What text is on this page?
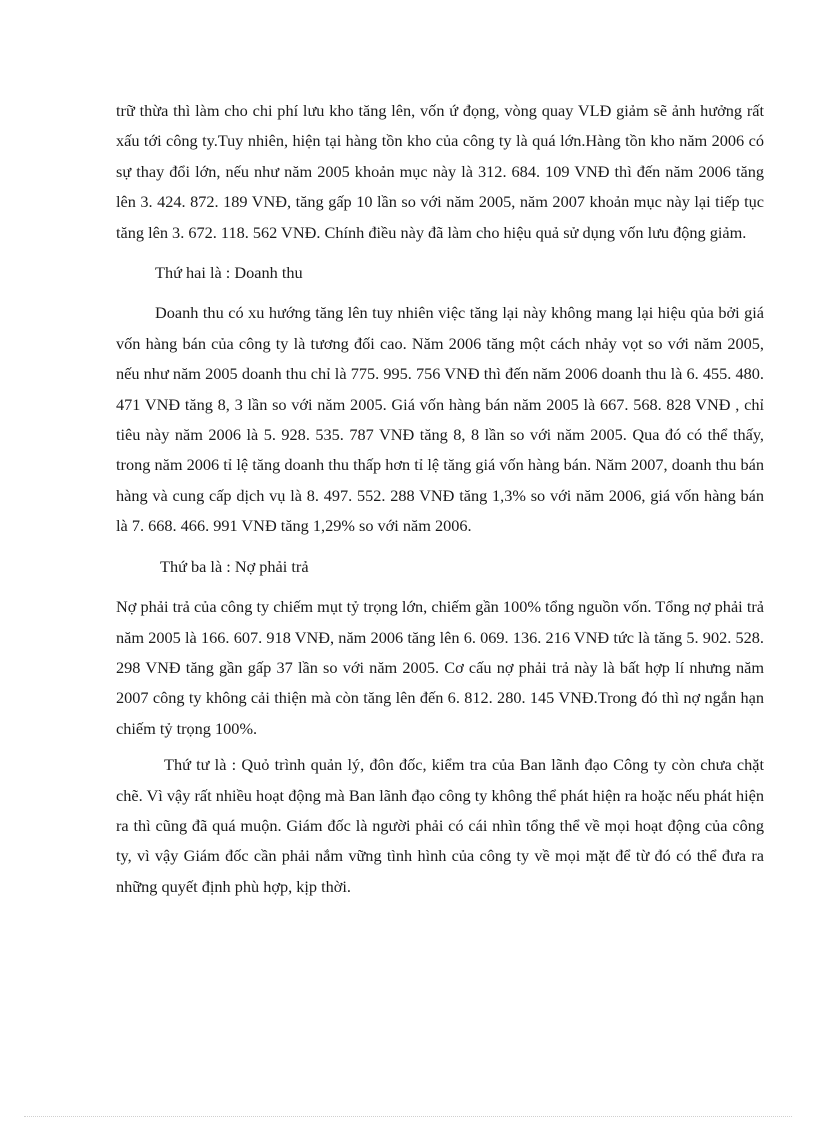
trữ thừa thì làm cho chi phí lưu kho tăng lên, vốn ứ đọng, vòng quay VLĐ giảm sẽ ảnh hưởng rất xấu tới công ty.Tuy nhiên, hiện tại hàng tồn kho của công ty là quá lớn.Hàng tồn kho năm 2006 có sự thay đổi lớn, nếu như năm 2005 khoản mục này là 312. 684. 109 VNĐ thì đến năm 2006 tăng lên 3. 424. 872. 189 VNĐ, tăng gấp 10 lần so với năm 2005, năm 2007 khoản mục này lại tiếp tục tăng lên 3. 672. 118. 562 VNĐ. Chính điều này đã làm cho hiệu quả sử dụng vốn lưu động giảm.

Thứ hai là : Doanh thu

Doanh thu có xu hướng tăng lên tuy nhiên việc tăng lại này không mang lại hiệu qủa bởi giá vốn hàng bán của công ty là tương đối cao. Năm 2006 tăng một cách nhảy vọt so với năm 2005, nếu như năm 2005 doanh thu chỉ là 775. 995. 756 VNĐ thì đến năm 2006 doanh thu là 6. 455. 480. 471 VNĐ tăng 8, 3 lần so với năm 2005. Giá vốn hàng bán năm 2005 là 667. 568. 828 VNĐ , chỉ tiêu này năm 2006 là 5. 928. 535. 787 VNĐ tăng 8, 8 lần so với năm 2005. Qua đó có thể thấy, trong năm 2006 tỉ lệ tăng doanh thu thấp hơn tỉ lệ tăng giá vốn hàng bán. Năm 2007, doanh thu bán hàng và cung cấp dịch vụ là 8. 497. 552. 288 VNĐ tăng 1,3% so với năm 2006, giá vốn hàng bán là 7. 668. 466. 991 VNĐ tăng 1,29% so với năm 2006.

Thứ ba là : Nợ phải trả

Nợ phải trả của công ty chiếm mụt tỷ trọng lớn, chiếm gần 100% tổng nguồn vốn. Tổng nợ phải trả năm 2005 là 166. 607. 918 VNĐ, năm 2006 tăng lên 6. 069. 136. 216 VNĐ tức là tăng 5. 902. 528. 298 VNĐ tăng gần gấp 37 lần so với năm 2005. Cơ cấu nợ phải trả này là bất hợp lí nhưng năm 2007 công ty không cải thiện mà còn tăng lên đến 6. 812. 280. 145 VNĐ.Trong đó thì nợ ngắn hạn chiếm tỷ trọng 100%.

Thứ tư là : Quỏ trình quản lý, đôn đốc, kiểm tra của Ban lãnh đạo Công ty còn chưa chặt chẽ. Vì vậy rất nhiều hoạt động mà Ban lãnh đạo công ty không thể phát hiện ra hoặc nếu phát hiện ra thì cũng đã quá muộn. Giám đốc là người phải có cái nhìn tổng thể về mọi hoạt động của công ty, vì vậy Giám đốc cần phải nắm vững tình hình của công ty về mọi mặt để từ đó có thể đưa ra những quyết định phù hợp, kịp thời.
